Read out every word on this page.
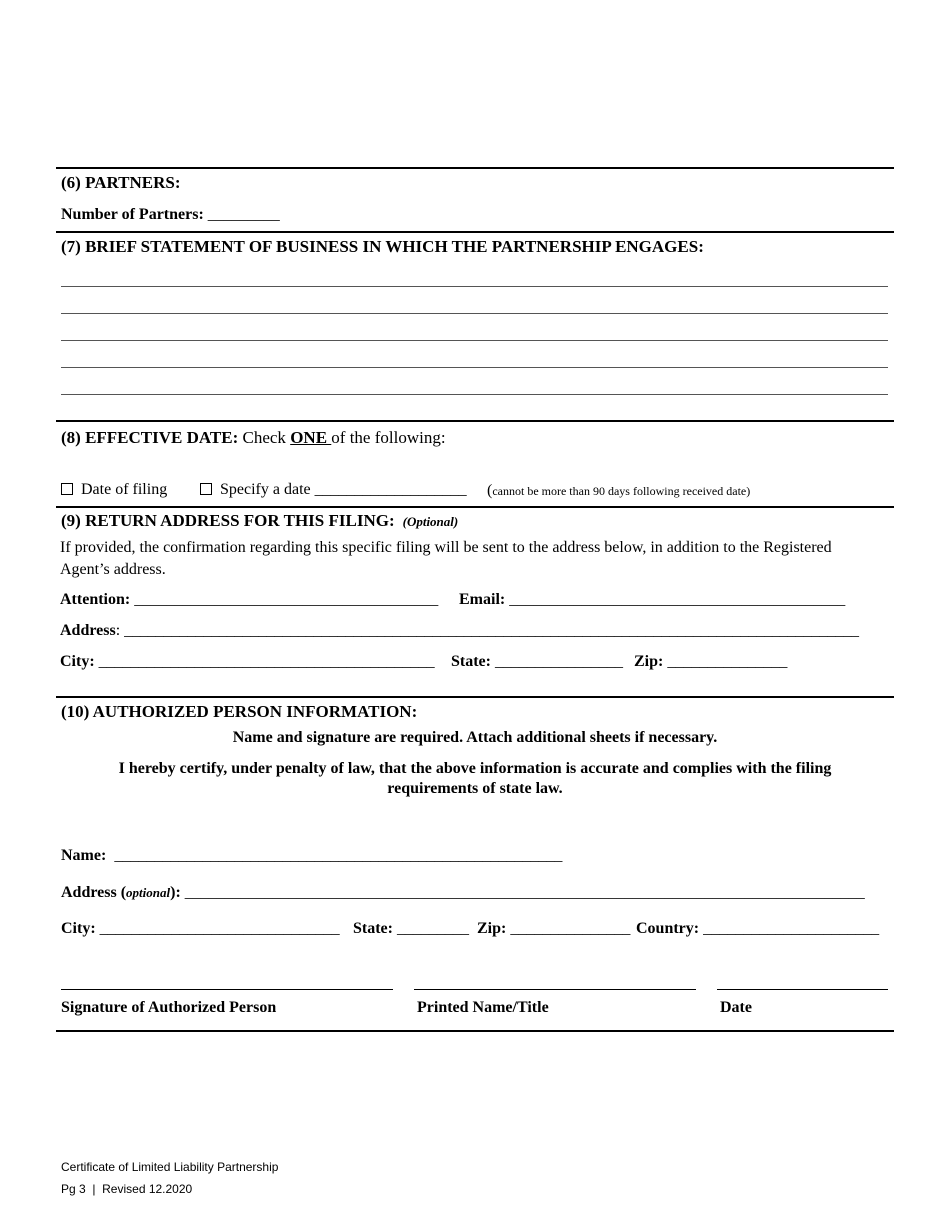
(6) PARTNERS:
Number of Partners: _________
(7) BRIEF STATEMENT OF BUSINESS IN WHICH THE PARTNERSHIP ENGAGES:
(8) EFFECTIVE DATE: Check ONE of the following:
Date of filing	Specify a date ___________________ (cannot be more than 90 days following received date)
(9) RETURN ADDRESS FOR THIS FILING: (Optional)
If provided, the confirmation regarding this specific filing will be sent to the address below, in addition to the Registered
Agent’s address.
Attention: ______________________________________ Email: __________________________________________
Address: _____________________________________________________________________________________________
City: __________________________________________ State: ________________ Zip: _______________
(10) AUTHORIZED PERSON INFORMATION:
Name and signature are required. Attach additional sheets if necessary.
I hereby certify, under penalty of law, that the above information is accurate and complies with the filing
requirements of state law.
Name: ________________________________________________________
Address (optional): _____________________________________________________________________________________
City: ______________________________ State: _________ Zip: _______________ Country: ______________________
Signature of Authorized Person	Printed Name/Title	Date
Certificate of Limited Liability Partnership
Pg 3  |  Revised 12.2020
